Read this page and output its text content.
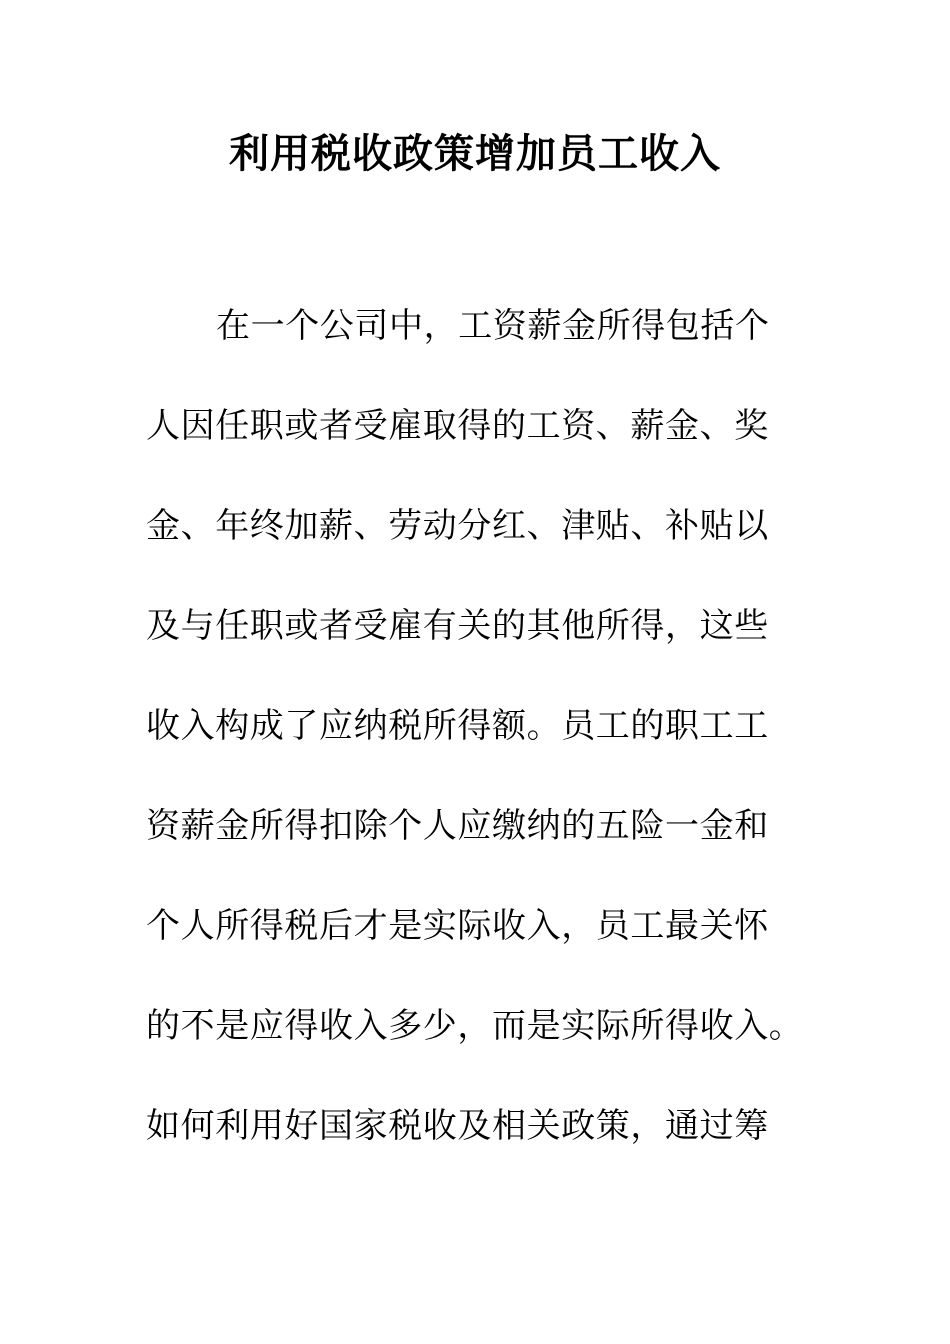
利用税收政策增加员工收入
在一个公司中，工资薪金所得包括个
人因任职或者受雇取得的工资、薪金、奖
金、年终加薪、劳动分红、津贴、补贴以
及与任职或者受雇有关的其他所得，这些
收入构成了应纳税所得额。员工的职工工
资薪金所得扣除个人应缴纳的五险一金和
个人所得税后才是实际收入，员工最关怀
的不是应得收入多少，而是实际所得收入。
如何利用好国家税收及相关政策，通过筹
